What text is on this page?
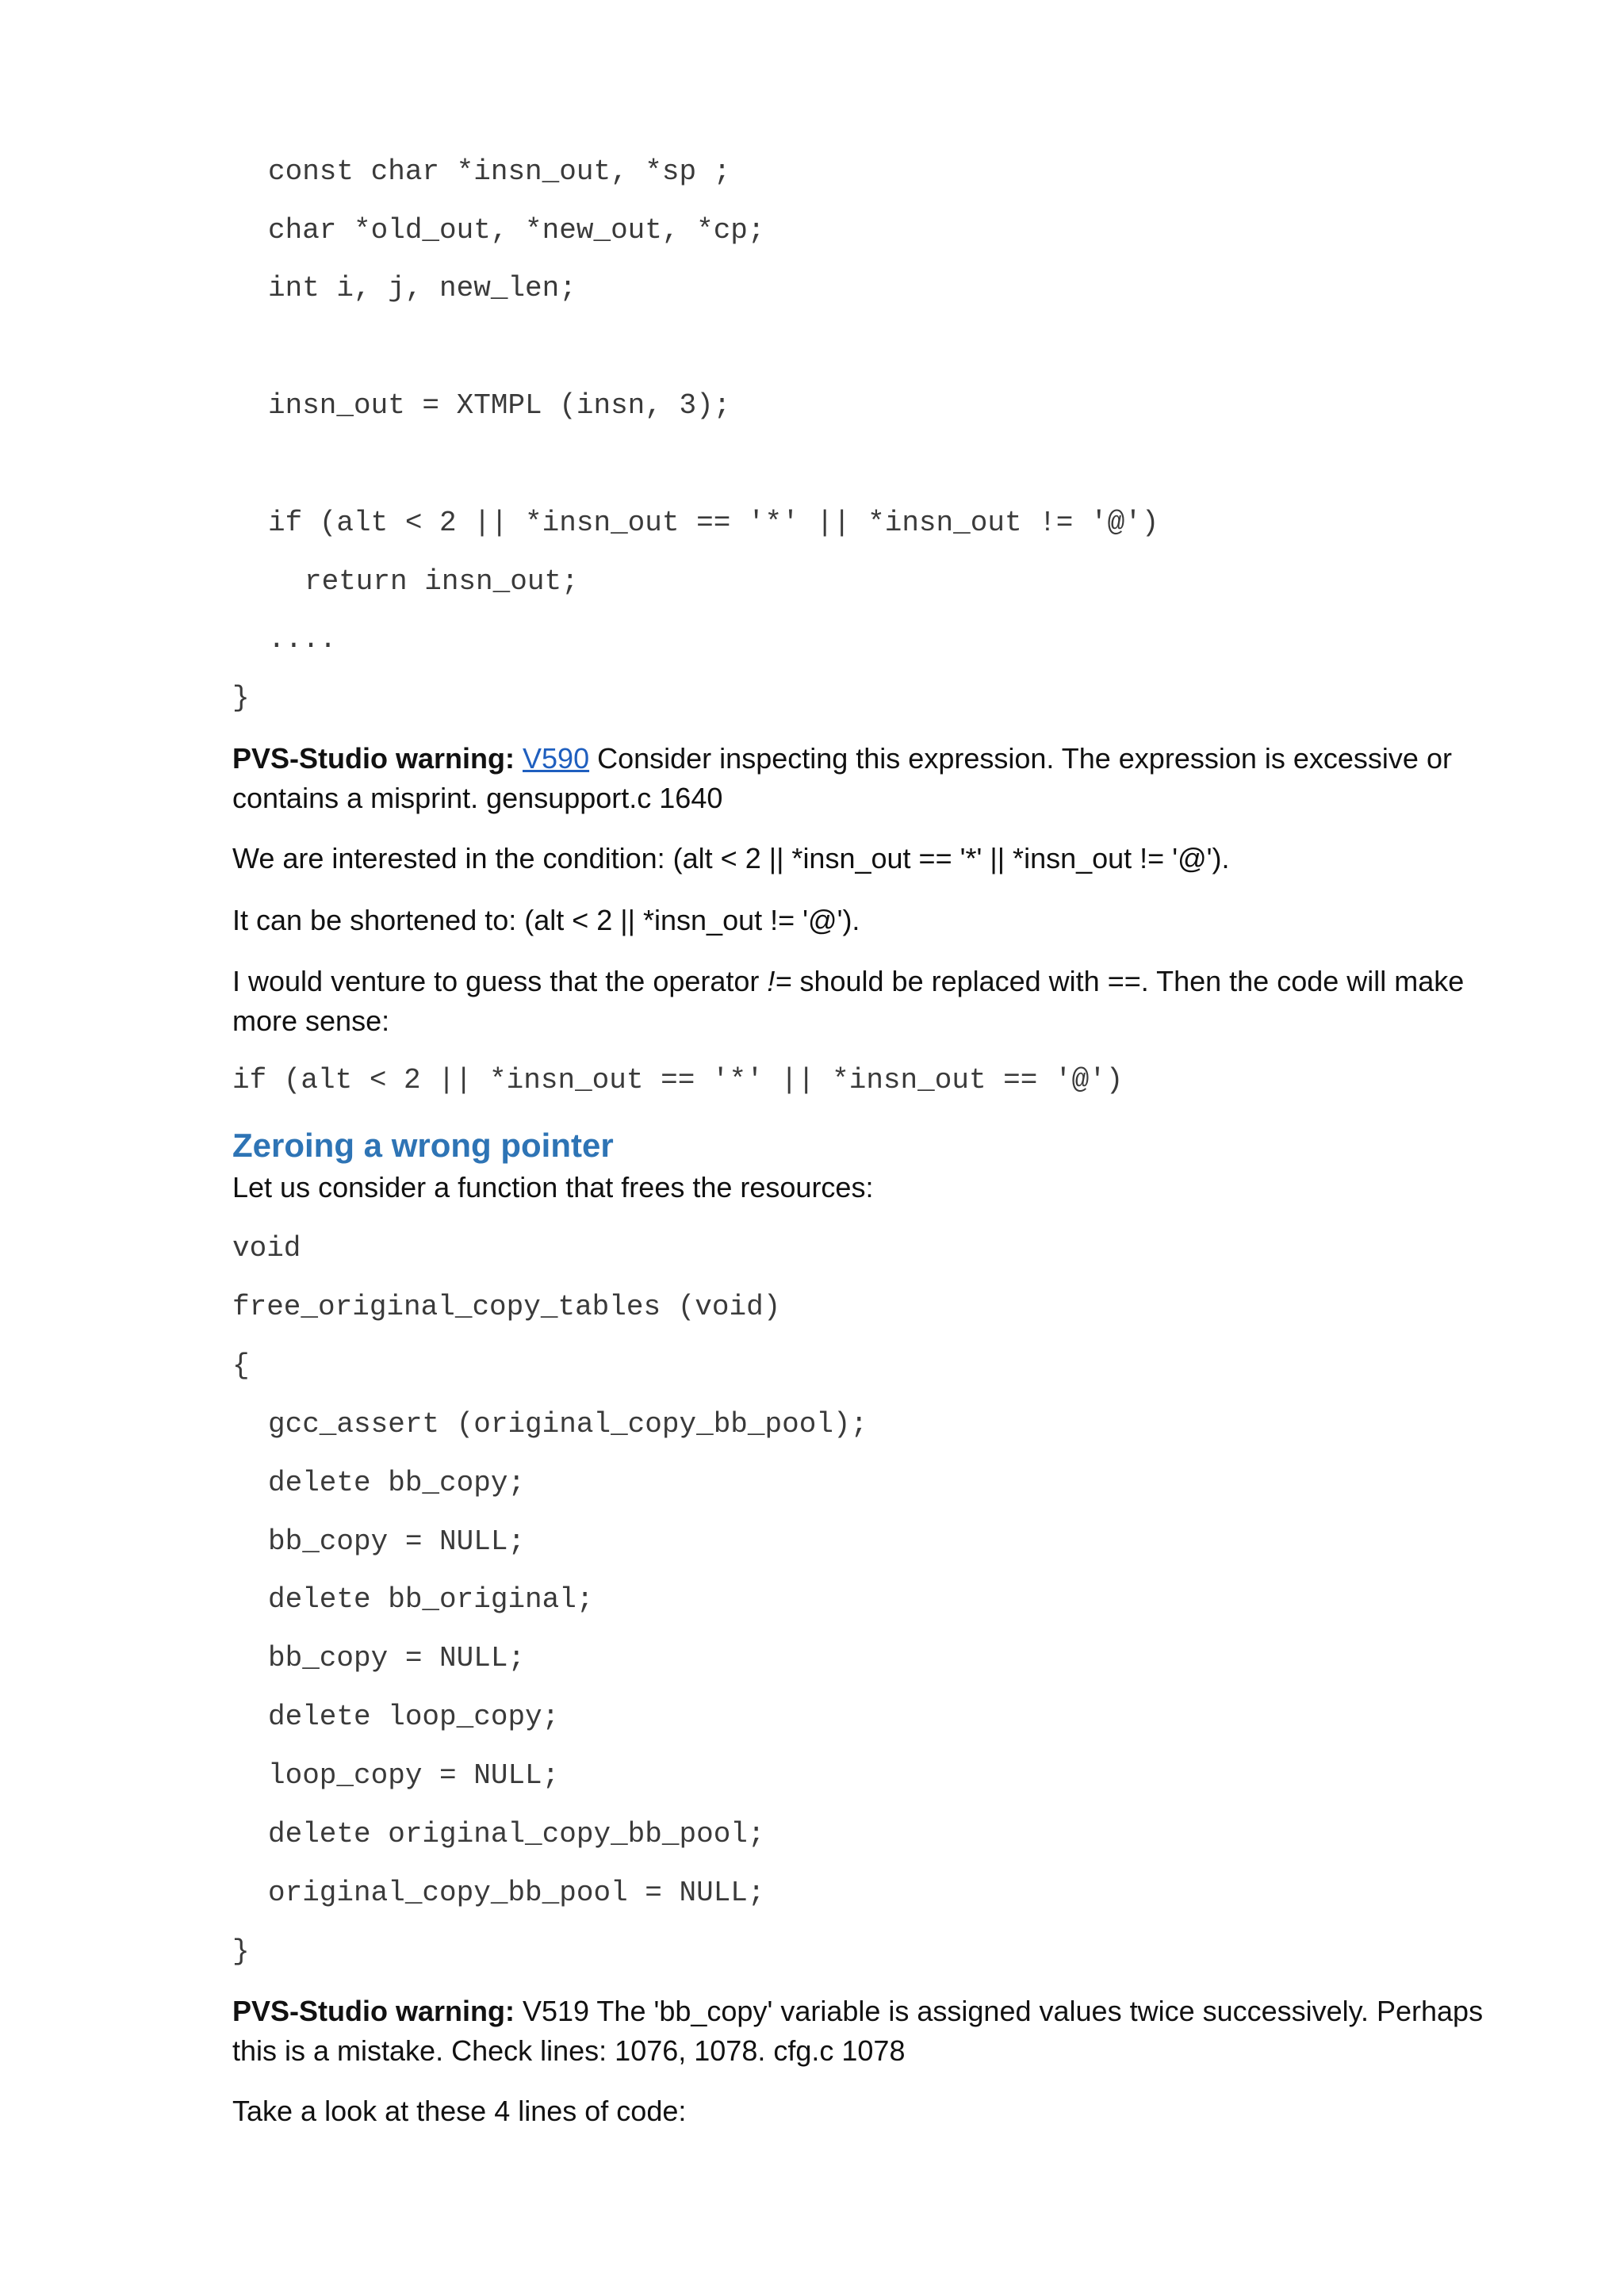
const char *insn_out, *sp ;
char *old_out, *new_out, *cp;
int i, j, new_len;
insn_out = XTMPL (insn, 3);
if (alt < 2 || *insn_out == '*' || *insn_out != '@')
return insn_out;
....
}

PVS-Studio warning: V590 Consider inspecting this expression. The expression is excessive or contains a misprint. gensupport.c 1640

We are interested in the condition: (alt < 2 || *insn_out == '*' || *insn_out != '@').

It can be shortened to: (alt < 2 || *insn_out != '@').

I would venture to guess that the operator != should be replaced with ==. Then the code will make more sense:

if (alt < 2 || *insn_out == '*' || *insn_out == '@')
Zeroing a wrong pointer

Let us consider a function that frees the resources:

void
free_original_copy_tables (void)
{
gcc_assert (original_copy_bb_pool);
delete bb_copy;
bb_copy = NULL;
delete bb_original;
bb_copy = NULL;
delete loop_copy;
loop_copy = NULL;
delete original_copy_bb_pool;
original_copy_bb_pool = NULL;
}

PVS-Studio warning: V519 The 'bb_copy' variable is assigned values twice successively. Perhaps this is a mistake. Check lines: 1076, 1078. cfg.c 1078

Take a look at these 4 lines of code:
